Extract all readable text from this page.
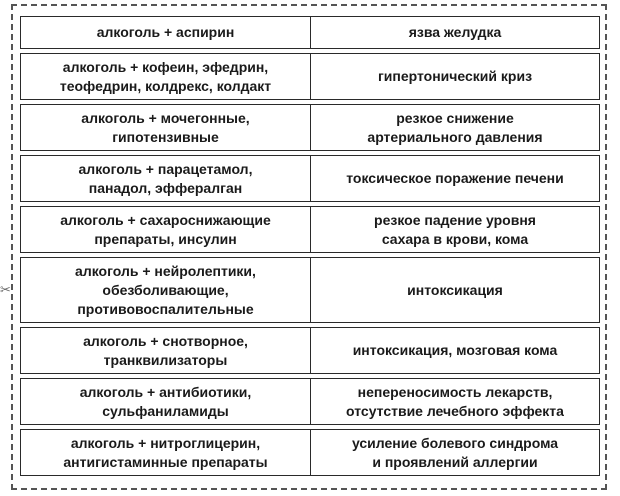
✂
алкоголь + аспирин	язва желудка

алкоголь + кофеин, эфедрин,
теофедрин, колдрекс, колдакт	гипертонический криз

алкоголь + мочегонные,
гипотензивные	резкое снижение
артериального давления

алкоголь + парацетамол,
панадол, эффералган	токсическое поражение печени

алкоголь + сахароснижающие
препараты, инсулин	резкое падение уровня
сахара в крови, кома

алкоголь + нейролептики,
обезболивающие,
противовоспалительные	интоксикация

алкоголь + снотворное,
транквилизаторы	интоксикация, мозговая кома

алкоголь + антибиотики,
сульфаниламиды	непереносимость лекарств,
отсутствие лечебного эффекта

алкоголь + нитроглицерин,
антигистаминные препараты	усиление болевого синдрома
и проявлений аллергии
